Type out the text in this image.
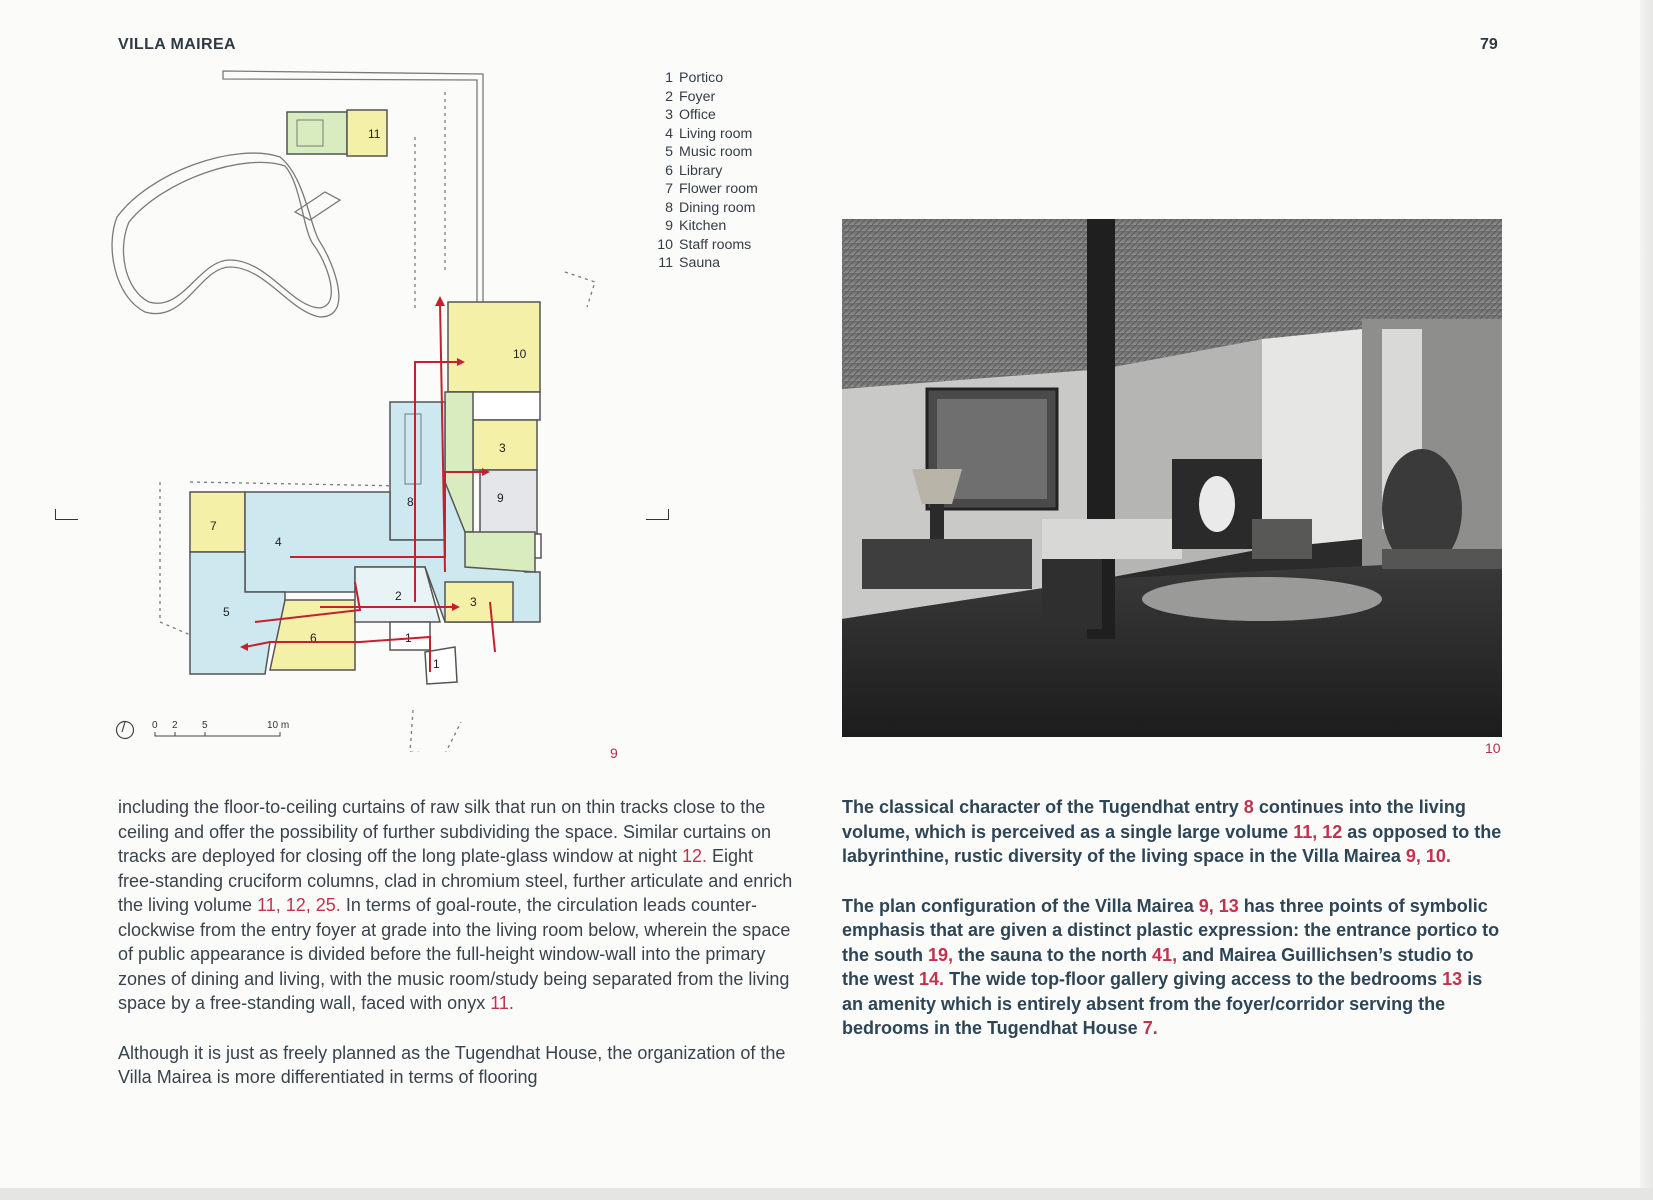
VILLA MAIREA	79
11
10
3
9
8
7
4
5
6
2	3
1
1
0 2 5	10 m
1 Portico
2 Foyer
3 Office
4 Living room
5 Music room
6 Library
7 Flower room
8 Dining room
9 Kitchen
10 Staff rooms
11 Sauna
9	10

including the floor-to-ceiling curtains of raw silk that run on thin tracks close to the ceiling and offer the possibility of further subdividing the space. Similar curtains on tracks are deployed for closing off the long plate-glass window at night 12. Eight free-standing cruciform columns, clad in chromium steel, further articulate and enrich the living volume 11, 12, 25. In terms of goal-route, the circulation leads counter-clockwise from the entry foyer at grade into the living room below, wherein the space of public appearance is divided before the full-height window-wall into the primary zones of dining and living, with the music room/study being separated from the living space by a free-standing wall, faced with onyx 11.

Although it is just as freely planned as the Tugendhat House, the organization of the Villa Mairea is more differentiated in terms of flooring

The classical character of the Tugendhat entry 8 continues into the living volume, which is perceived as a single large volume 11, 12 as opposed to the labyrinthine, rustic diversity of the living space in the Villa Mairea 9, 10.

The plan configuration of the Villa Mairea 9, 13 has three points of symbolic emphasis that are given a distinct plastic expression: the entrance portico to the south 19, the sauna to the north 41, and Mairea Guillichsen’s studio to the west 14. The wide top-floor gallery giving access to the bedrooms 13 is an amenity which is entirely absent from the foyer/corridor serving the bedrooms in the Tugendhat House 7.
